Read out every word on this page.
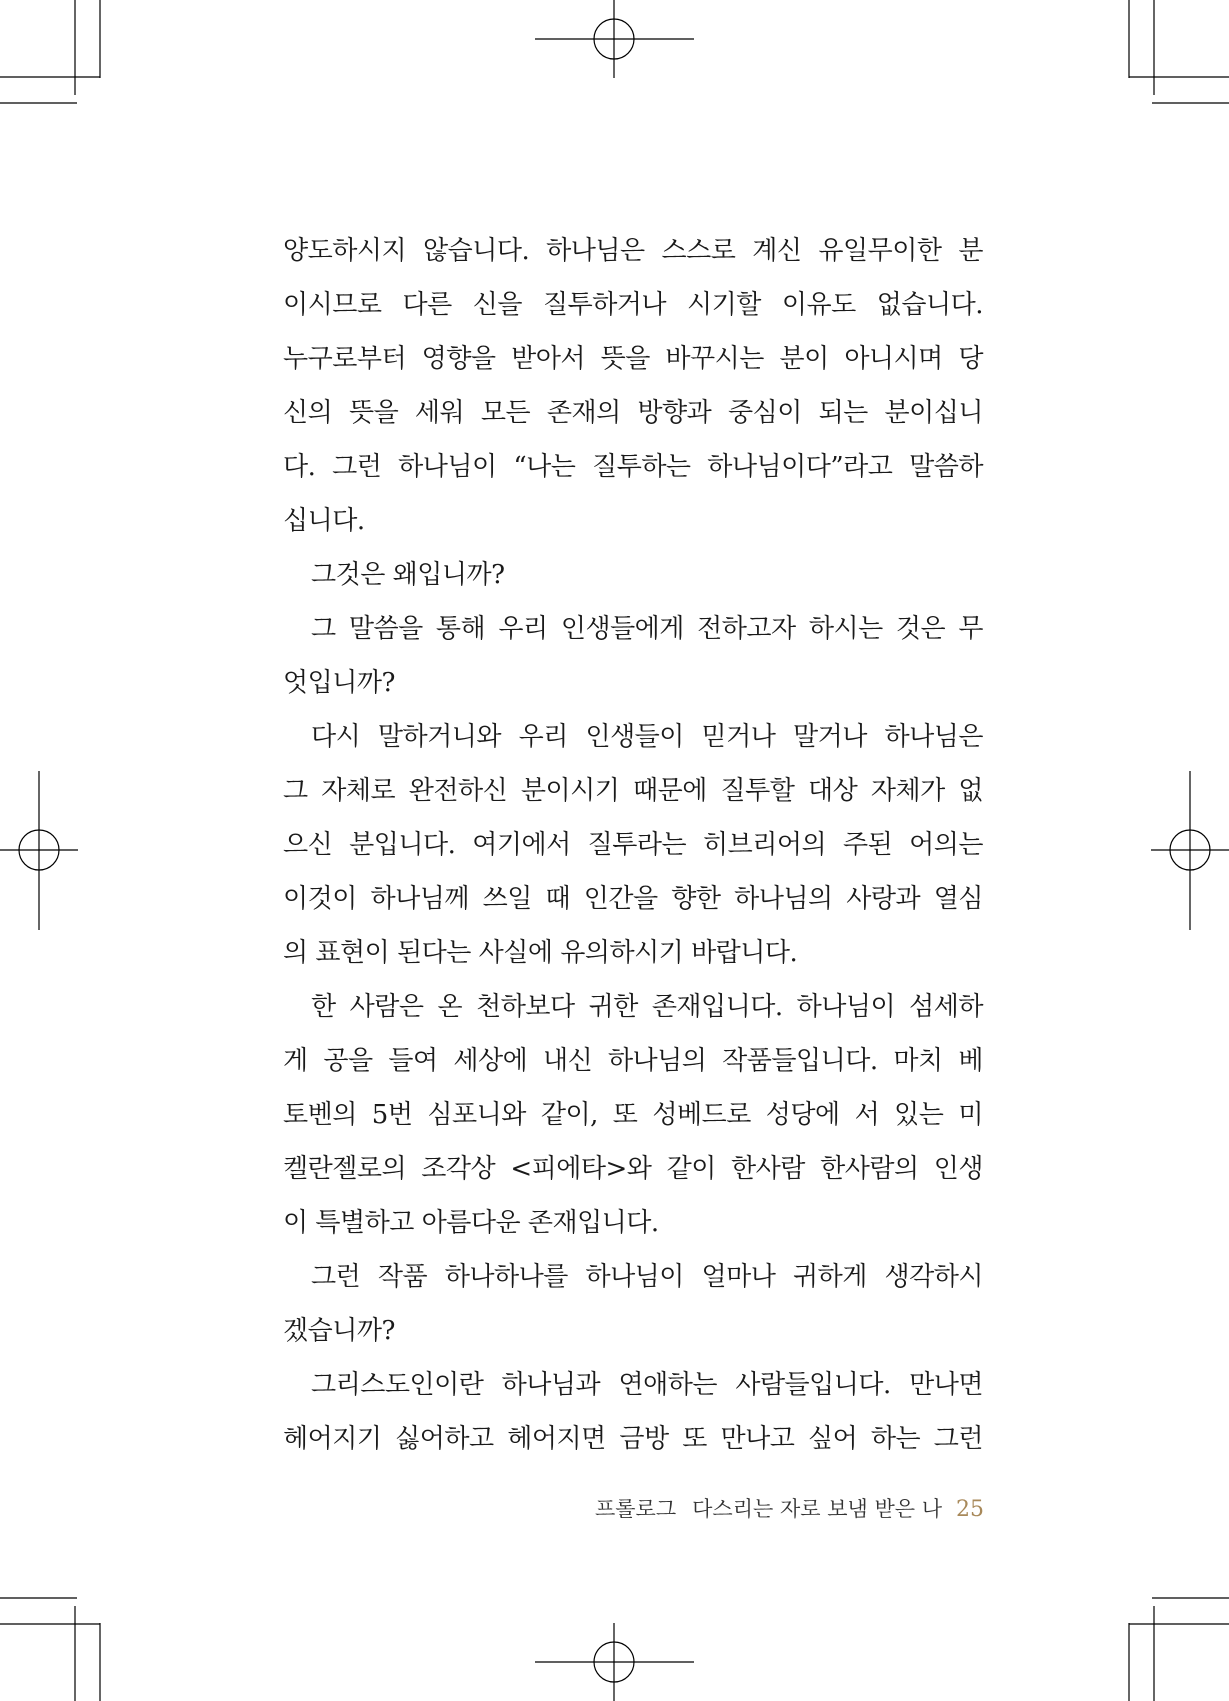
양도하시지 않습니다. 하나님은 스스로 계신 유일무이한 분
이시므로 다른 신을 질투하거나 시기할 이유도 없습니다.
누구로부터 영향을 받아서 뜻을 바꾸시는 분이 아니시며 당
신의 뜻을 세워 모든 존재의 방향과 중심이 되는 분이십니
다. 그런 하나님이 “나는 질투하는 하나님이다”라고 말씀하
십니다.
그것은 왜입니까?
그 말씀을 통해 우리 인생들에게 전하고자 하시는 것은 무
엇입니까?
다시 말하거니와 우리 인생들이 믿거나 말거나 하나님은
그 자체로 완전하신 분이시기 때문에 질투할 대상 자체가 없
으신 분입니다. 여기에서 질투라는 히브리어의 주된 어의는
이것이 하나님께 쓰일 때 인간을 향한 하나님의 사랑과 열심
의 표현이 된다는 사실에 유의하시기 바랍니다.
한 사람은 온 천하보다 귀한 존재입니다. 하나님이 섬세하
게 공을 들여 세상에 내신 하나님의 작품들입니다. 마치 베
토벤의 5번 심포니와 같이, 또 성베드로 성당에 서 있는 미
켈란젤로의 조각상 <피에타>와 같이 한사람 한사람의 인생
이 특별하고 아름다운 존재입니다.
그런 작품 하나하나를 하나님이 얼마나 귀하게 생각하시
겠습니까?
그리스도인이란 하나님과 연애하는 사람들입니다. 만나면
헤어지기 싫어하고 헤어지면 금방 또 만나고 싶어 하는 그런
프롤로그 다스리는 자로 보냄 받은 나 25
